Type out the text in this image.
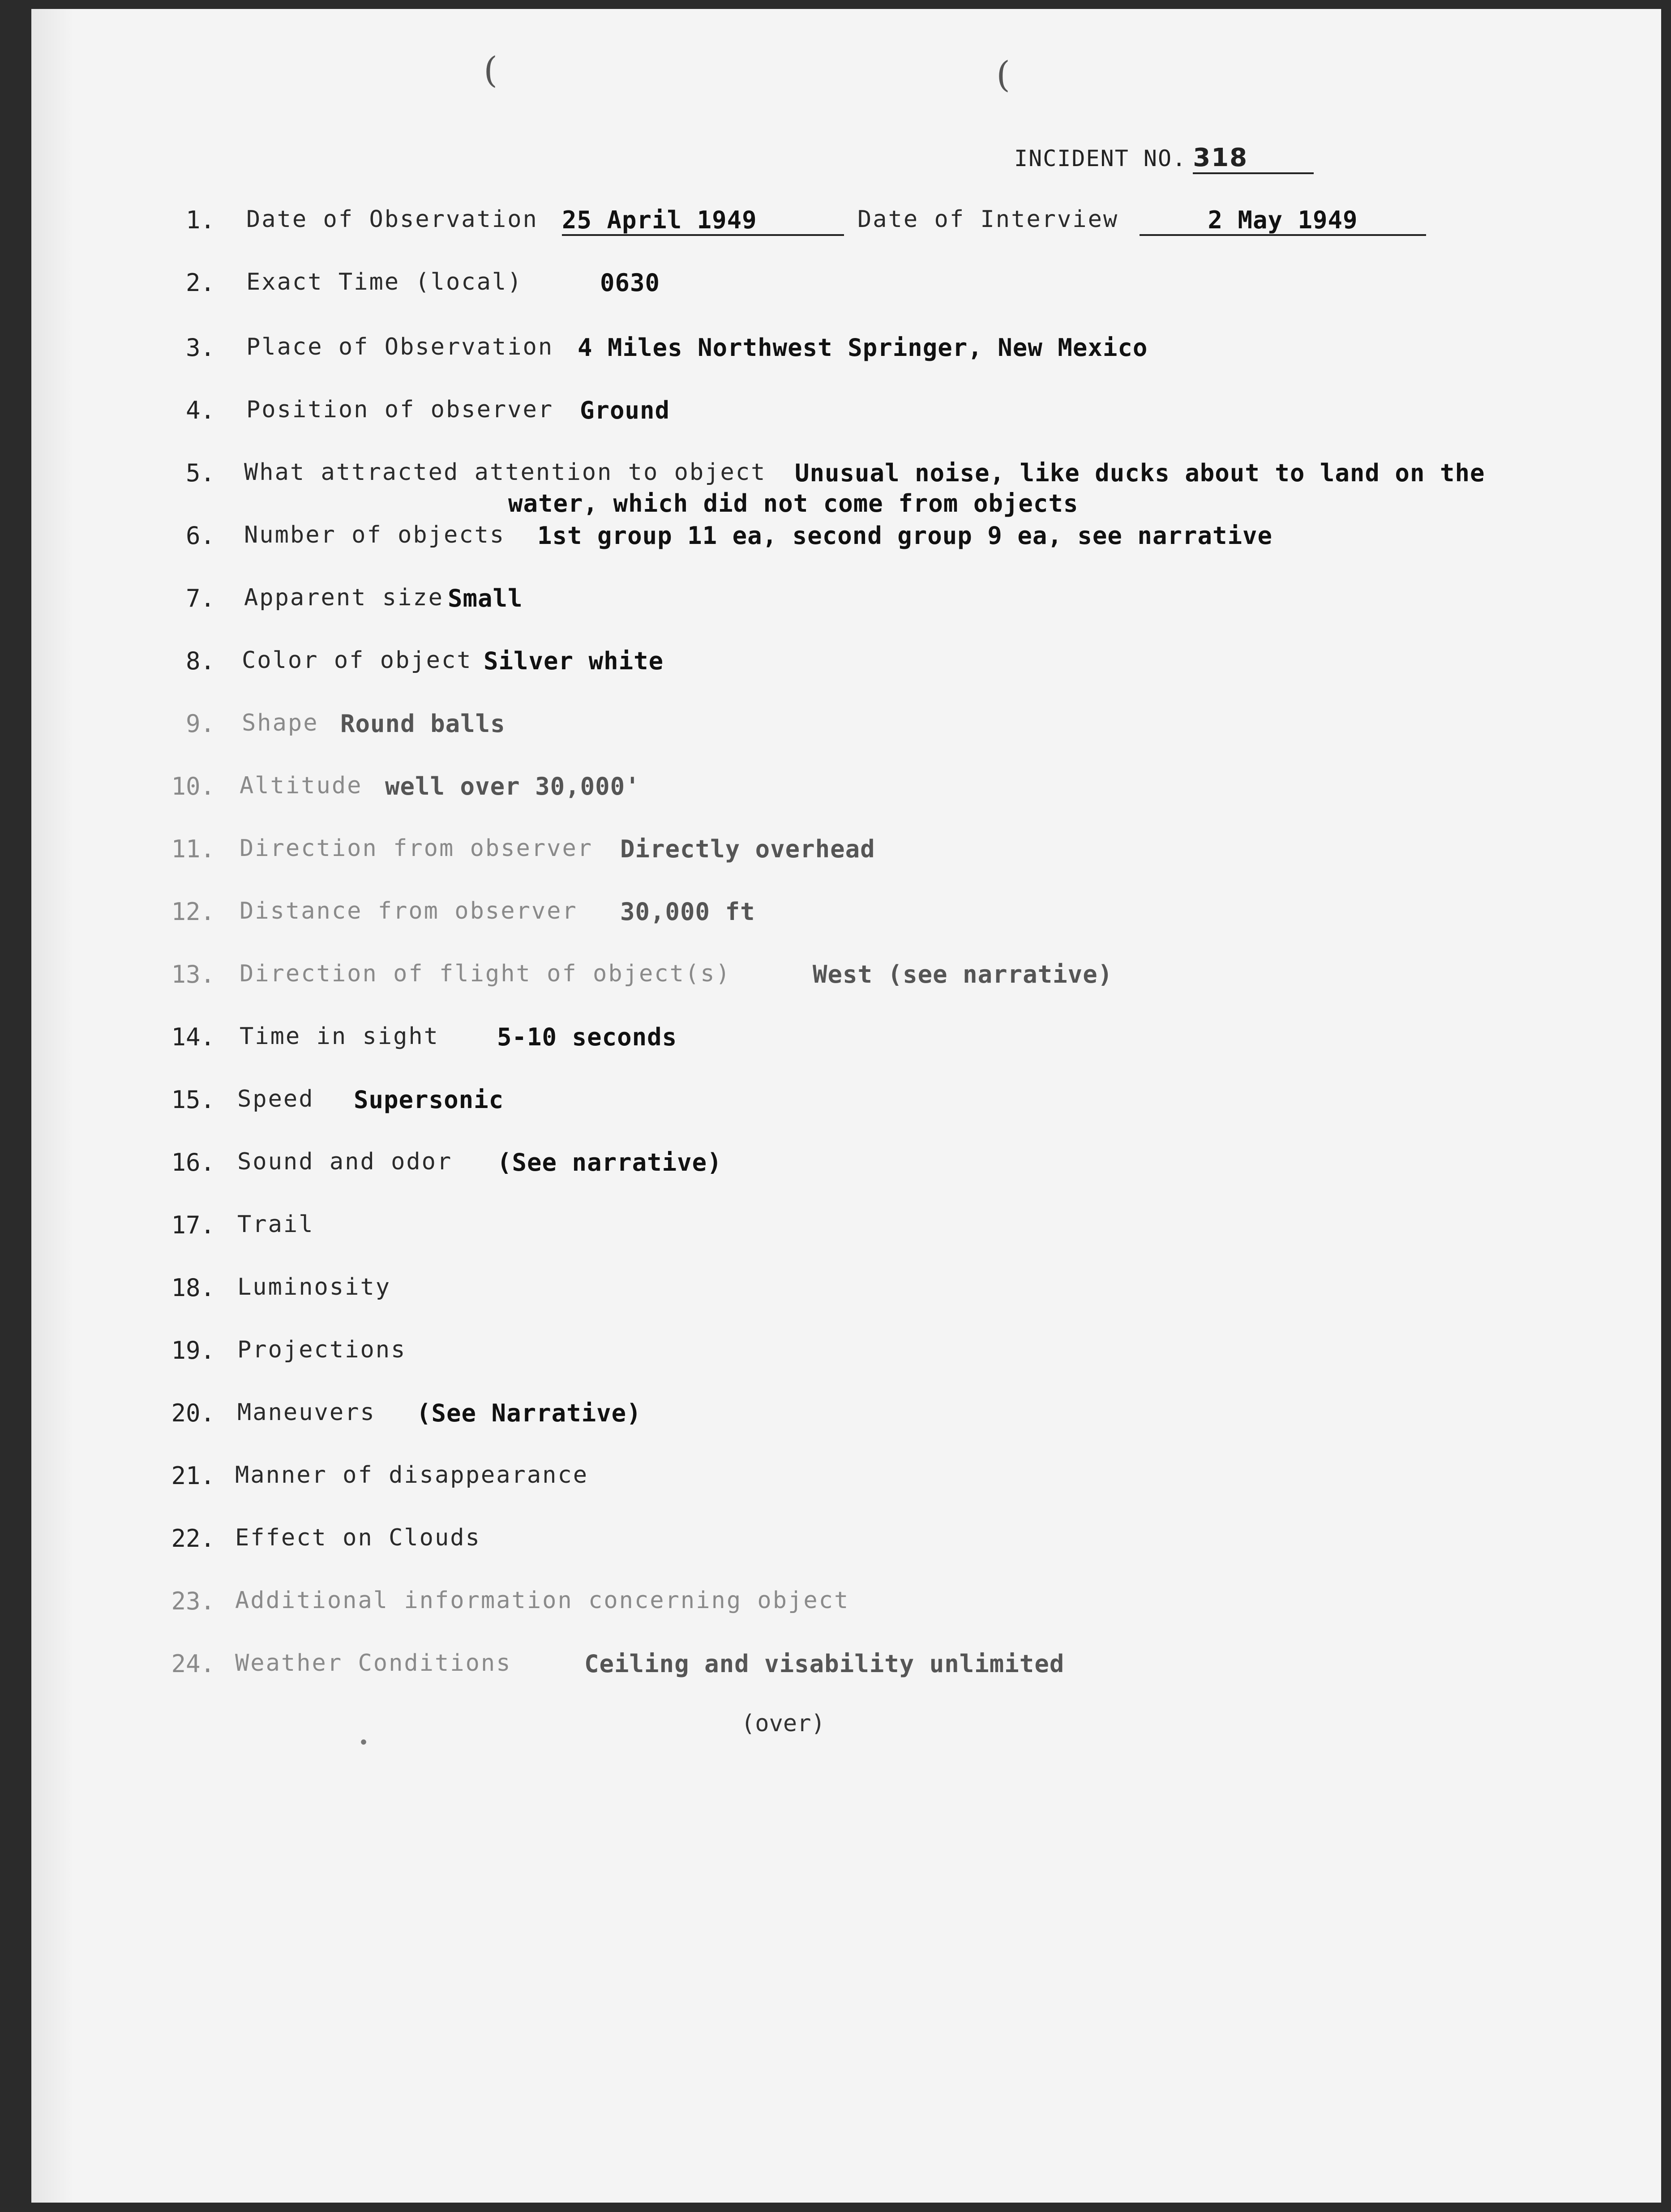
(	(
INCIDENT NO. 318
1. Date of Observation 25 April 1949	Date of Interview	2 May 1949
2. Exact Time (local)	0630
3. Place of Observation 4 Miles Northwest Springer, New Mexico
4. Position of observer Ground
5. What attracted attention to object Unusual noise, like ducks about to land on the
water, which did not come from objects
6. Number of objects 1st group 11 ea, second group 9 ea, see narrative
7. Apparent size Small
8. Color of object Silver white
9. Shape Round balls
10. Altitude well over 30,000'
11. Direction from observer Directly overhead
12. Distance from observer 30,000 ft
13. Direction of flight of object(s)	West (see narrative)
14. Time in sight 5-10 seconds
15. Speed Supersonic
16. Sound and odor (See narrative)
17. Trail
18. Luminosity
19. Projections
20. Maneuvers (See Narrative)
21. Manner of disappearance
22. Effect on Clouds
23. Additional information concerning object
24. Weather Conditions	Ceiling and visability unlimited
•
(over)
